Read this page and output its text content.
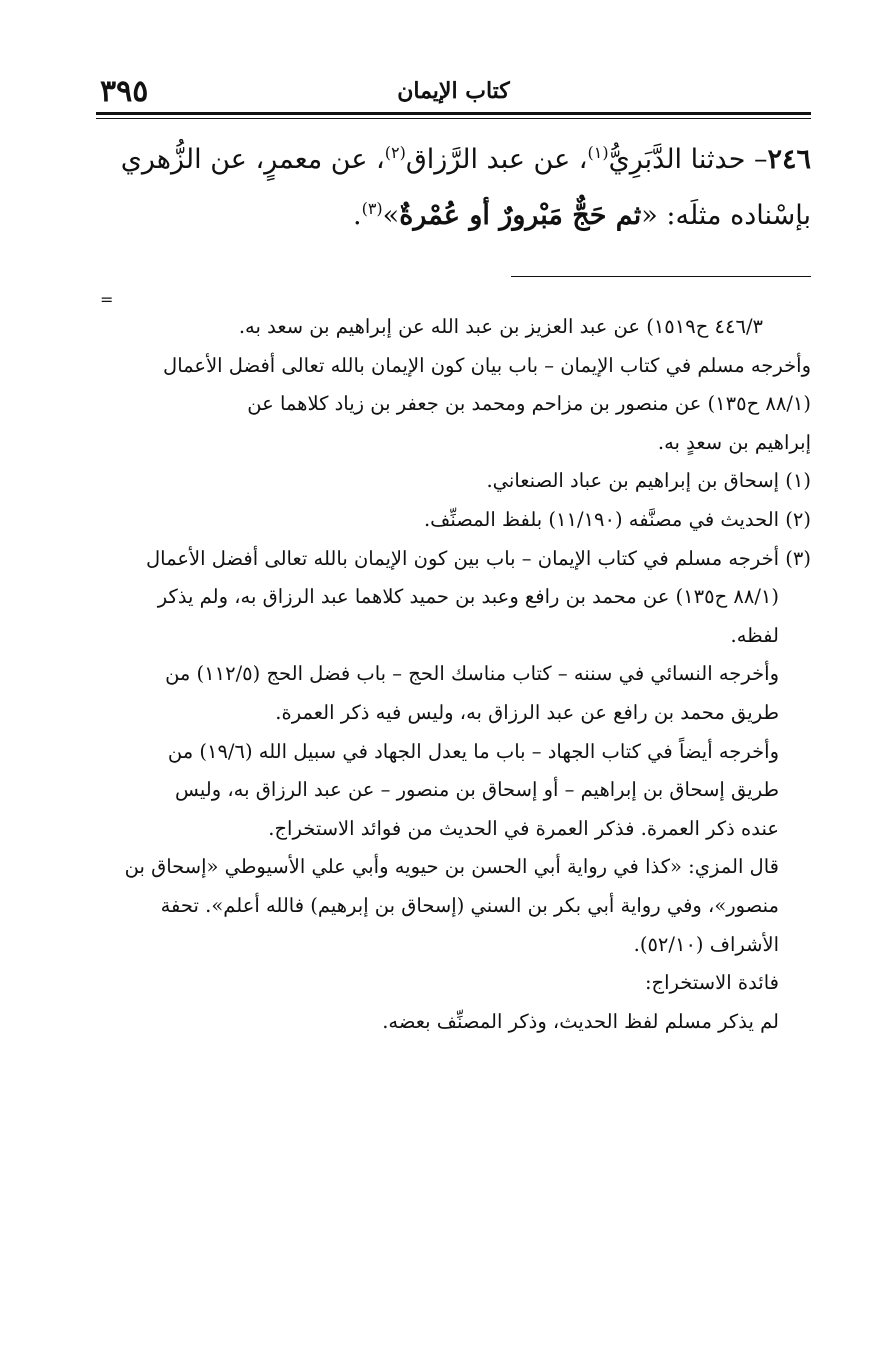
٣٩٥	كتاب الإيمان
٢٤٦– حدثنا الدَّبَرِيُّ$^{(١)}$، عن عبد الرَّزاق$^{(٢)}$، عن معمرٍ، عن الزُّهري
بإسْناده مثلَه: «ثم حَجٌّ مَبْرورٌ أو عُمْرةٌ»$^{(٣)}$.
=
٤٤٦/٣ ح١٥١٩) عن عبد العزيز بن عبد الله عن إبراهيم بن سعد به.
وأخرجه مسلم في كتاب الإيمان – باب بيان كون الإيمان بالله تعالى أفضل الأعمال
(٨٨/١ ح١٣٥) عن منصور بن مزاحم ومحمد بن جعفر بن زياد كلاهما عن
إبراهيم بن سعدٍ به.
(١) إسحاق بن إبراهيم بن عباد الصنعاني.
(٢) الحديث في مصنَّفه (١١/١٩٠) بلفظ المصنِّف.
(٣) أخرجه مسلم في كتاب الإيمان – باب بين كون الإيمان بالله تعالى أفضل الأعمال
(٨٨/١ ح١٣٥) عن محمد بن رافع وعبد بن حميد كلاهما عبد الرزاق به، ولم يذكر
لفظه.
وأخرجه النسائي في سننه – كتاب مناسك الحج – باب فضل الحج (١١٢/٥) من
طريق محمد بن رافع عن عبد الرزاق به، وليس فيه ذكر العمرة.
وأخرجه أيضاً في كتاب الجهاد – باب ما يعدل الجهاد في سبيل الله (١٩/٦) من
طريق إسحاق بن إبراهيم – أو إسحاق بن منصور – عن عبد الرزاق به، وليس
عنده ذكر العمرة. فذكر العمرة في الحديث من فوائد الاستخراج.
قال المزي: «كذا في رواية أبي الحسن بن حيويه وأبي علي الأسيوطي «إسحاق بن
منصور»، وفي رواية أبي بكر بن السني (إسحاق بن إبرهيم) فالله أعلم». تحفة
الأشراف (٥٢/١٠).
فائدة الاستخراج:
لم يذكر مسلم لفظ الحديث، وذكر المصنِّف بعضه.
